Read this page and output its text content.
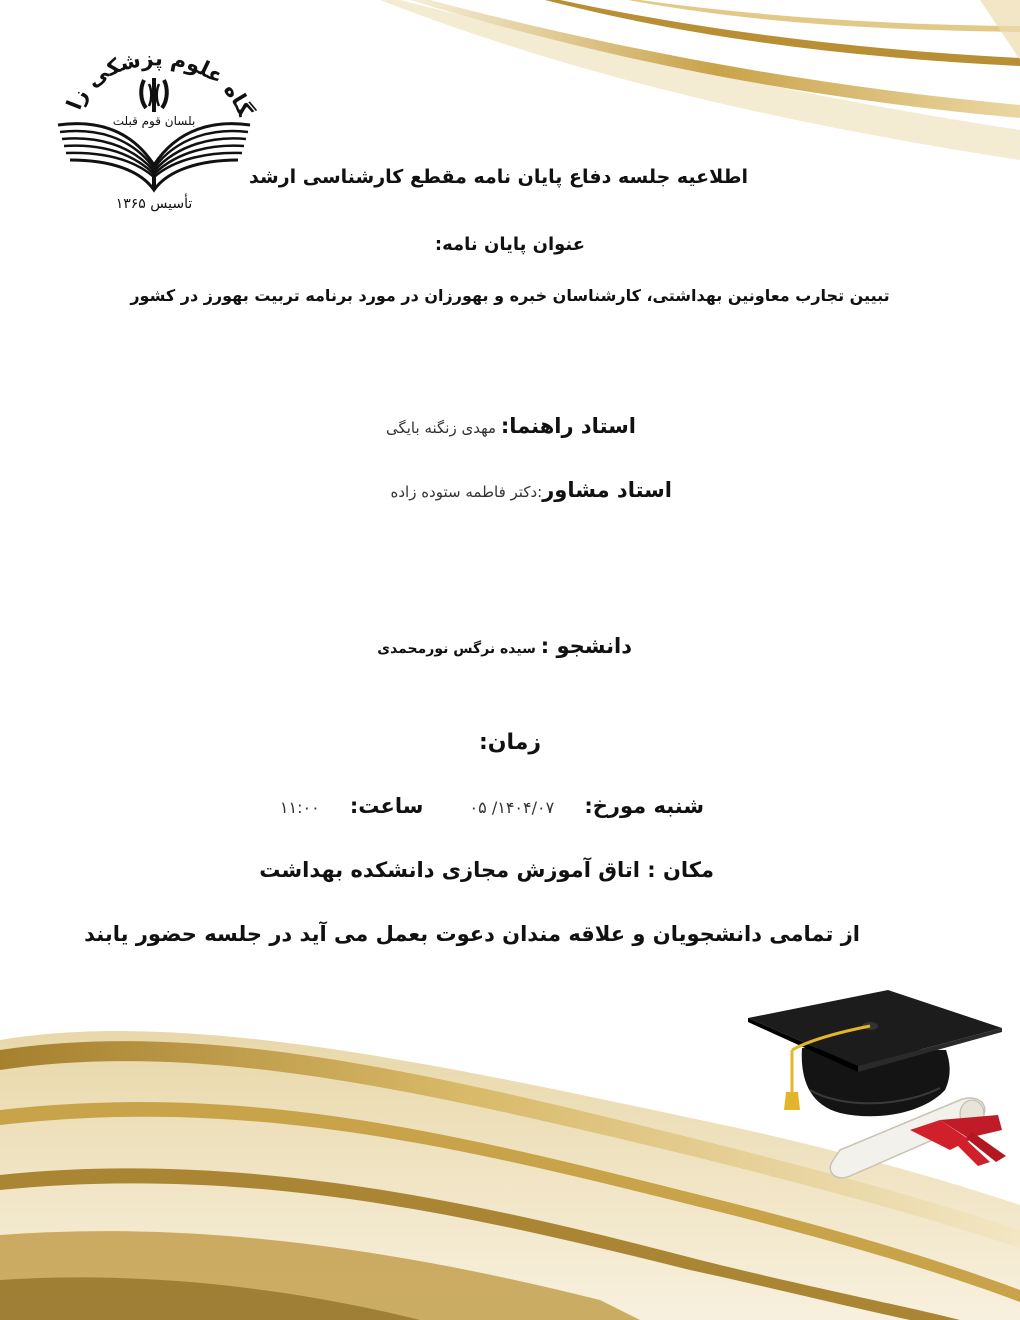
گاه علوم پزشکی زا
بلسان قوم قبلت
تأسیس ۱۳۶۵
اطلاعیه جلسه دفاع پایان نامه مقطع کارشناسی ارشد
عنوان پایان نامه:
تبیین تجارب معاونین بهداشتی، کارشناسان خبره و بهورزان در مورد برنامه تربیت بهورز در کشور
استاد راهنما: مهدی زنگنه بایگی
استاد مشاور:دکتر فاطمه ستوده زاده
دانشجو : سیده نرگس نورمحمدی
زمان:
شنبه مورخ:  ۱۴۰۴/۰۷/ ۰۵  ساعت:  ۱۱:۰۰
مکان : اتاق آموزش مجازی دانشکده بهداشت
از تمامی دانشجویان و علاقه مندان دعوت بعمل می آید در جلسه حضور یابند
